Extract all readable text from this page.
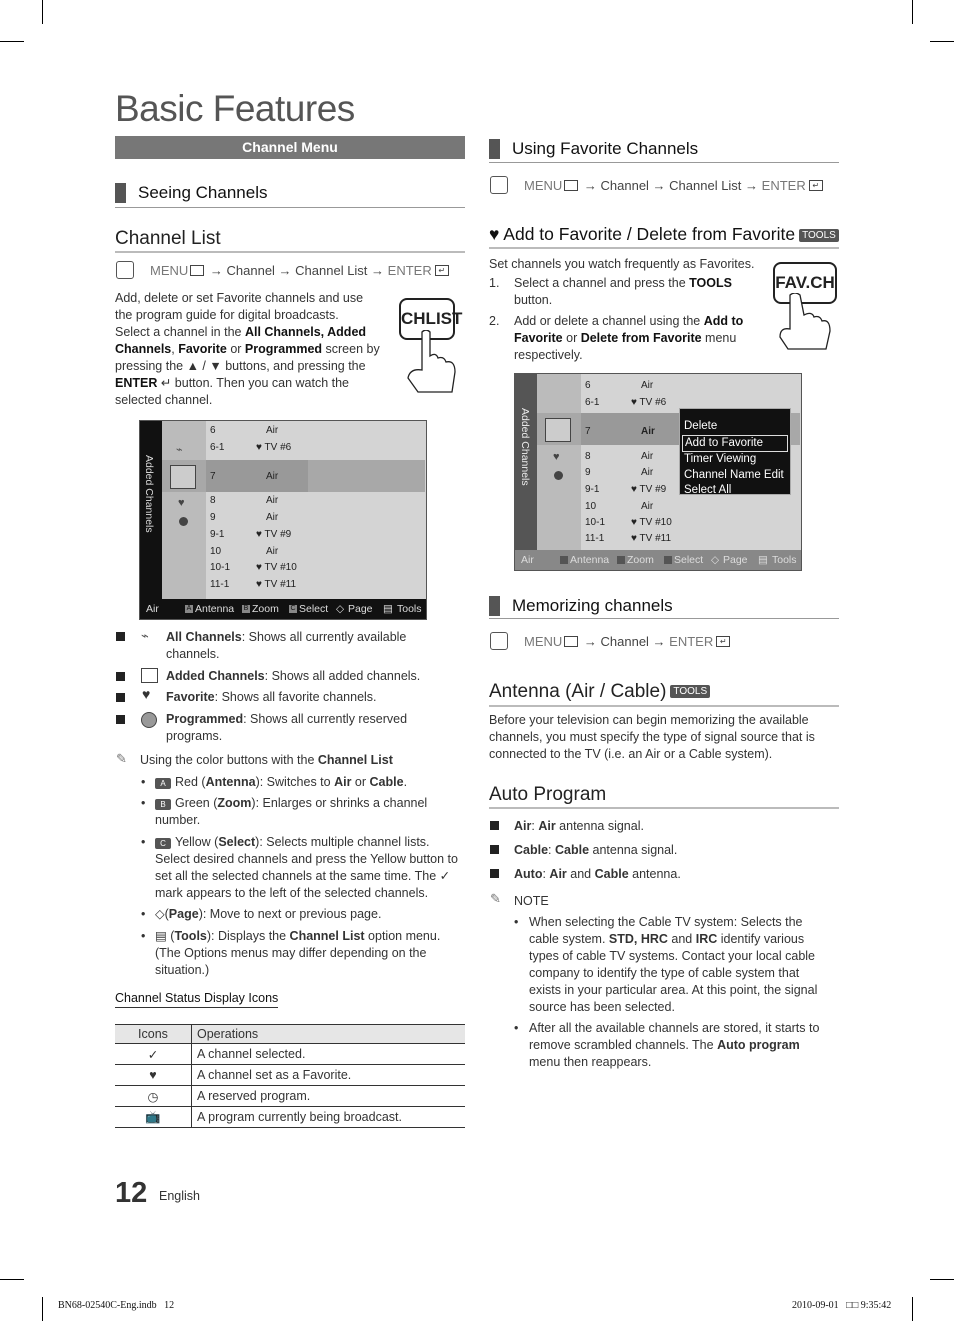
Basic Features
Channel Menu
Seeing Channels
Channel List
MENU → Channel → Channel List → ENTER ↵
Add, delete or set Favorite channels and use the program guide for digital broadcasts.
Select a channel in the All Channels, Added Channels, Favorite or Programmed screen by pressing the ▲ / ▼ buttons, and pressing the ENTER ↵ button. Then you can watch the selected channel.
CHLIST
Added Channels
⌁
♥
6	Air
6-1	♥ TV #6
7	Air
8	Air
9	Air
9-1	♥ TV #9
10	Air
10-1	♥ TV #10
11-1	♥ TV #11
Air	A Antenna B Zoom C Select ◇ Page ▤ Tools
⌁ All Channels: Shows all currently available channels.
Added Channels: Shows all added channels.
♥ Favorite: Shows all favorite channels.
Programmed: Shows all currently reserved programs.
✎ Using the color buttons with the Channel List
•	A Red (Antenna): Switches to Air or Cable.
•	B Green (Zoom): Enlarges or shrinks a channel number.
•	C Yellow (Select): Selects multiple channel lists. Select desired channels and press the Yellow button to set all the selected channels at the same time. The ✓ mark appears to the left of the selected channels.
• ◇(Page): Move to next or previous page.
• ▤ (Tools): Displays the Channel List option menu. (The Options menus may differ depending on the situation.)
Channel Status Display Icons
Icons	Operations
✓	A channel selected.
♥	A channel set as a Favorite.
◷	A reserved program.
📺	A program currently being broadcast.
12 English
BN68-02540C-Eng.indb   12	2010-09-01   □□ 9:35:42
Using Favorite Channels
MENU → Channel → Channel List → ENTER ↵
♥ Add to Favorite / Delete from Favorite TOOLS
Set channels you watch frequently as Favorites.
1. Select a channel and press the TOOLS button.
2. Add or delete a channel using the Add to Favorite or Delete from Favorite menu respectively.
FAV.CH
Added Channels ♥
6	Air
6-1	♥ TV #6
7	Air
8	Air
9	Air
9-1	♥ TV #9
10	Air
10-1	♥ TV #10
11-1	♥ TV #11
Delete
Add to Favorite
Timer Viewing
Channel Name Edit
Select All
Air	Antenna Zoom Select ◇ Page ▤ Tools
Memorizing channels
MENU → Channel → ENTER ↵
Antenna (Air / Cable) TOOLS
Before your television can begin memorizing the available channels, you must specify the type of signal source that is connected to the TV (i.e. an Air or a Cable system).
Auto Program
Air: Air antenna signal.
Cable: Cable antenna signal.
Auto: Air and Cable antenna.
✎ NOTE
• When selecting the Cable TV system: Selects the cable system. STD, HRC and IRC identify various types of cable TV systems. Contact your local cable company to identify the type of cable system that exists in your particular area. At this point, the signal source has been selected.
• After all the available channels are stored, it starts to remove scrambled channels. The Auto program menu then reappears.
